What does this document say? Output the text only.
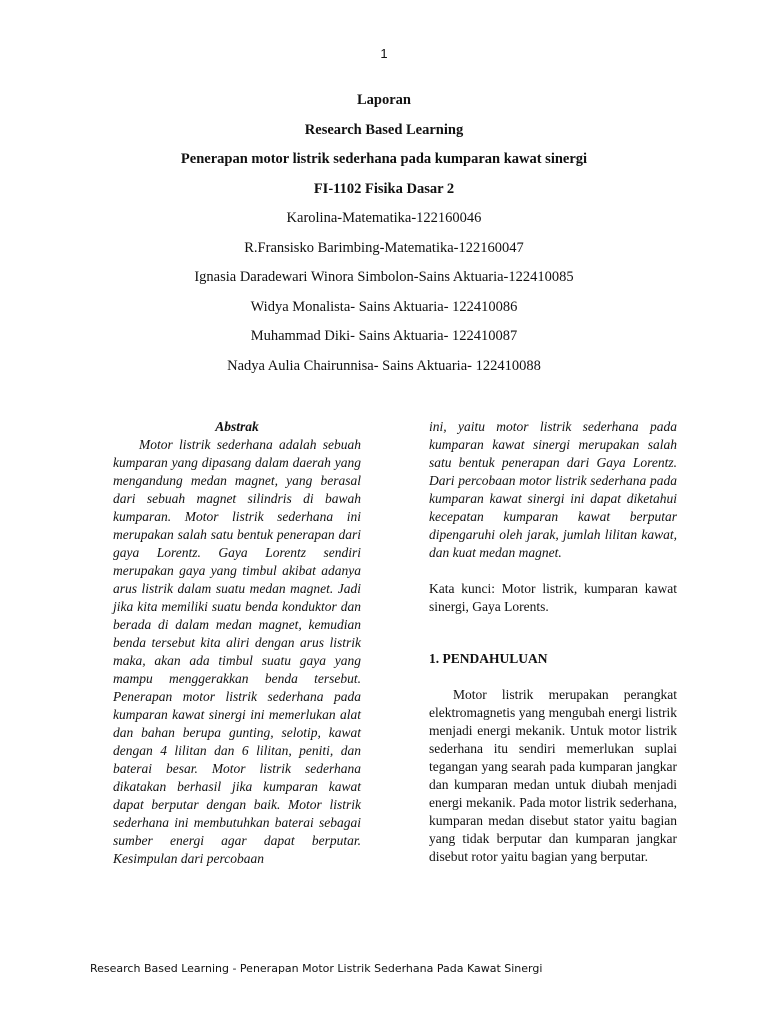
1
Laporan
Research Based Learning
Penerapan motor listrik sederhana pada kumparan kawat sinergi
FI-1102 Fisika Dasar 2
Karolina-Matematika-122160046
R.Fransisko Barimbing-Matematika-122160047
Ignasia Daradewari Winora Simbolon-Sains Aktuaria-122410085
Widya Monalista- Sains Aktuaria- 122410086
Muhammad Diki- Sains Aktuaria- 122410087
Nadya Aulia Chairunnisa- Sains Aktuaria- 122410088
Abstrak

Motor listrik sederhana adalah sebuah kumparan yang dipasang dalam daerah yang mengandung medan magnet, yang berasal dari sebuah magnet silindris di bawah kumparan. Motor listrik sederhana ini merupakan salah satu bentuk penerapan dari gaya Lorentz. Gaya Lorentz sendiri merupakan gaya yang timbul akibat adanya arus listrik dalam suatu medan magnet. Jadi jika kita memiliki suatu benda konduktor dan berada di dalam medan magnet, kemudian benda tersebut kita aliri dengan arus listrik maka, akan ada timbul suatu gaya yang mampu menggerakkan benda tersebut. Penerapan motor listrik sederhana pada kumparan kawat sinergi ini memerlukan alat dan bahan berupa gunting, selotip, kawat dengan 4 lilitan dan 6 lilitan, peniti, dan baterai besar. Motor listrik sederhana dikatakan berhasil jika kumparan kawat dapat berputar dengan baik. Motor listrik sederhana ini membutuhkan baterai sebagai sumber energi agar dapat berputar. Kesimpulan dari percobaan

ini, yaitu motor listrik sederhana pada kumparan kawat sinergi merupakan salah satu bentuk penerapan dari Gaya Lorentz. Dari percobaan motor listrik sederhana pada kumparan kawat sinergi ini dapat diketahui kecepatan kumparan kawat berputar dipengaruhi oleh jarak, jumlah lilitan kawat, dan kuat medan magnet.

Kata kunci: Motor listrik, kumparan kawat sinergi, Gaya Lorents.

1. PENDAHULUAN

Motor listrik merupakan perangkat elektromagnetis yang mengubah energi listrik menjadi energi mekanik. Untuk motor listrik sederhana itu sendiri memerlukan suplai tegangan yang searah pada kumparan jangkar dan kumparan medan untuk diubah menjadi energi mekanik. Pada motor listrik sederhana, kumparan medan disebut stator yaitu bagian yang tidak berputar dan kumparan jangkar disebut rotor yaitu bagian yang berputar.

Research Based Learning - Penerapan Motor Listrik Sederhana Pada Kawat Sinergi
